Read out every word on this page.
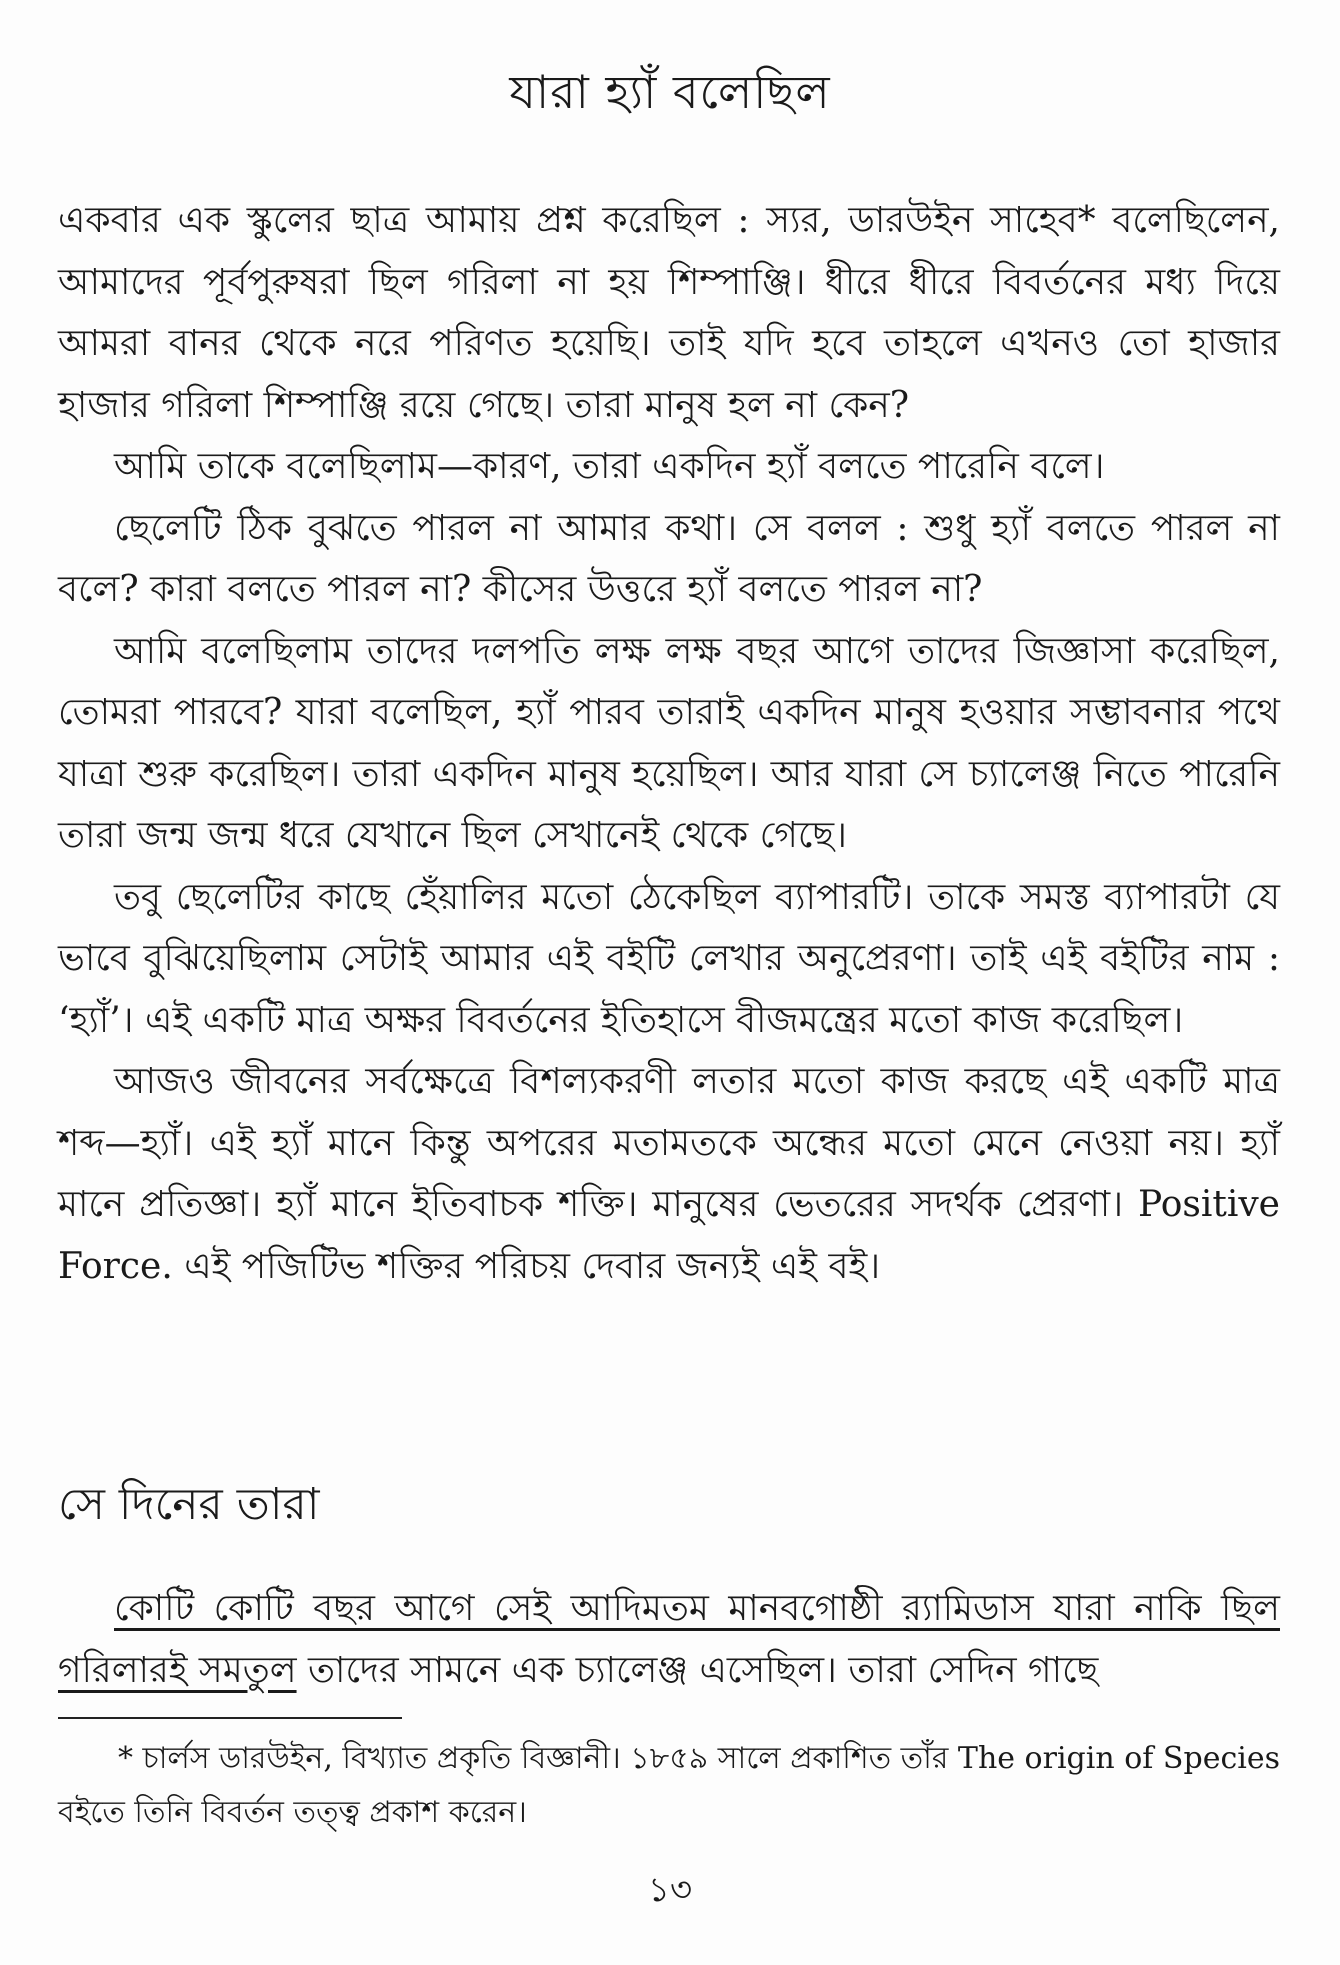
যারা হ্যাঁ বলেছিল

একবার এক স্কুলের ছাত্র আমায় প্রশ্ন করেছিল : স্যর, ডারউইন সাহেব* বলেছিলেন, আমাদের পূর্বপুরুষরা ছিল গরিলা না হয় শিম্পাঞ্জি। ধীরে ধীরে বিবর্তনের মধ্য দিয়ে আমরা বানর থেকে নরে পরিণত হয়েছি। তাই যদি হবে তাহলে এখনও তো হাজার হাজার গরিলা শিম্পাঞ্জি রয়ে গেছে। তারা মানুষ হল না কেন?

আমি তাকে বলেছিলাম—কারণ, তারা একদিন হ্যাঁ বলতে পারেনি বলে।

ছেলেটি ঠিক বুঝতে পারল না আমার কথা। সে বলল : শুধু হ্যাঁ বলতে পারল না বলে? কারা বলতে পারল না? কীসের উত্তরে হ্যাঁ বলতে পারল না?

আমি বলেছিলাম তাদের দলপতি লক্ষ লক্ষ বছর আগে তাদের জিজ্ঞাসা করেছিল, তোমরা পারবে? যারা বলেছিল, হ্যাঁ পারব তারাই একদিন মানুষ হওয়ার সম্ভাবনার পথে যাত্রা শুরু করেছিল। তারা একদিন মানুষ হয়েছিল। আর যারা সে চ্যালেঞ্জ নিতে পারেনি তারা জন্ম জন্ম ধরে যেখানে ছিল সেখানেই থেকে গেছে।

তবু ছেলেটির কাছে হেঁয়ালির মতো ঠেকেছিল ব্যাপারটি। তাকে সমস্ত ব্যাপারটা যে ভাবে বুঝিয়েছিলাম সেটাই আমার এই বইটি লেখার অনুপ্রেরণা। তাই এই বইটির নাম : ‘হ্যাঁ’। এই একটি মাত্র অক্ষর বিবর্তনের ইতিহাসে বীজমন্ত্রের মতো কাজ করেছিল।

আজও জীবনের সর্বক্ষেত্রে বিশল্যকরণী লতার মতো কাজ করছে এই একটি মাত্র শব্দ—হ্যাঁ। এই হ্যাঁ মানে কিন্তু অপরের মতামতকে অন্ধের মতো মেনে নেওয়া নয়। হ্যাঁ মানে প্রতিজ্ঞা। হ্যাঁ মানে ইতিবাচক শক্তি। মানুষের ভেতরের সদর্থক প্রেরণা। Positive Force. এই পজিটিভ শক্তির পরিচয় দেবার জন্যই এই বই।

সে দিনের তারা

কোটি কোটি বছর আগে সেই আদিমতম মানবগোষ্ঠী র‍্যামিডাস যারা নাকি ছিল গরিলারই সমতুল তাদের সামনে এক চ্যালেঞ্জ এসেছিল। তারা সেদিন গাছে

* চার্লস ডারউইন, বিখ্যাত প্রকৃতি বিজ্ঞানী। ১৮৫৯ সালে প্রকাশিত তাঁর The origin of Species বইতে তিনি বিবর্তন তত্ত্ব প্রকাশ করেন।

১৩
